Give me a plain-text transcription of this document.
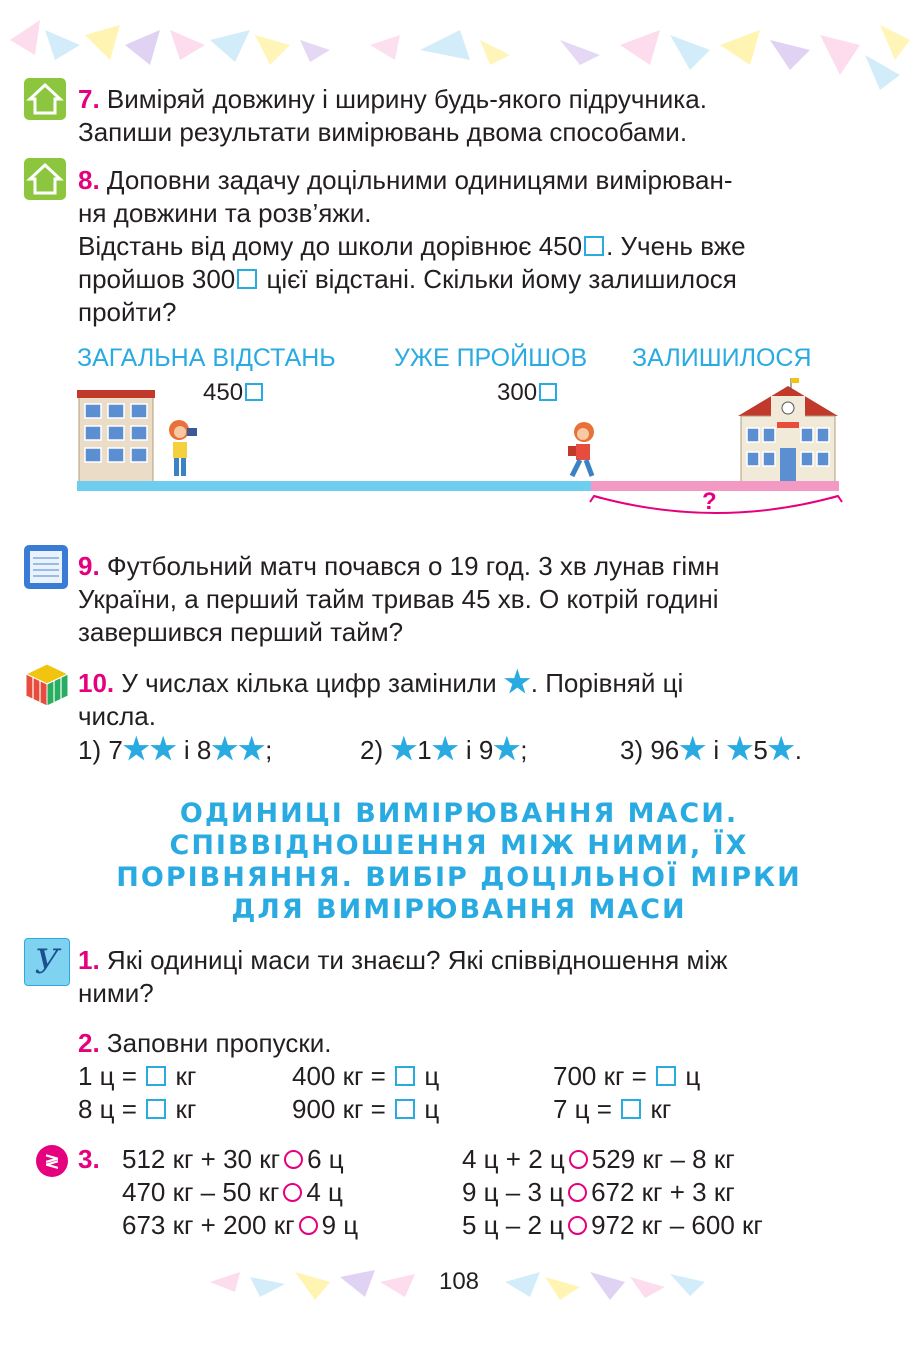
7. Виміряй довжину і ширину будь-якого підручника.
Запиши результати вимірювань двома способами.
8. Доповни задачу доцільними одиницями вимірюван-
ня довжини та розв’яжи.
Відстань від дому до школи дорівнює 450 . Учень вже
пройшов 300 цієї відстані. Скільки йому залишилося
пройти?
ЗАГАЛЬНА ВІДСТАНЬ УЖЕ ПРОЙШОВ ЗАЛИШИЛОСЯ
450	300
?
9. Футбольний матч почався о 19 год. 3 хв лунав гімн
України, а перший тайм тривав 45 хв. О котрій годині
завершився перший тайм?
10. У числах кілька цифр замінили ★. Порівняй ці
числа.
1) 7★★ і 8★★;	2) ★1★ і 9★;	3) 96★ і ★5★.
ОДИНИЦІ ВИМІРЮВАННЯ МАСИ.
СПІВВІДНОШЕННЯ МІЖ НИМИ, ЇХ
ПОРІВНЯННЯ. ВИБІР ДОЦІЛЬНОЇ МІРКИ
ДЛЯ ВИМІРЮВАННЯ МАСИ
У 1. Які одиниці маси ти знаєш? Які співвідношення між
ними?
2. Заповни пропуски.
1 ц =  кг	400 кг =  ц	700 кг =  ц
8 ц =  кг	900 кг =  ц	7 ц =  кг
≷ 3. 512 кг + 30 кг 6 ц	4 ц + 2 ц 529 кг – 8 кг
470 кг – 50 кг 4 ц	9 ц – 3 ц 672 кг + 3 кг
673 кг + 200 кг 9 ц	5 ц – 2 ц 972 кг – 600 кг
108
